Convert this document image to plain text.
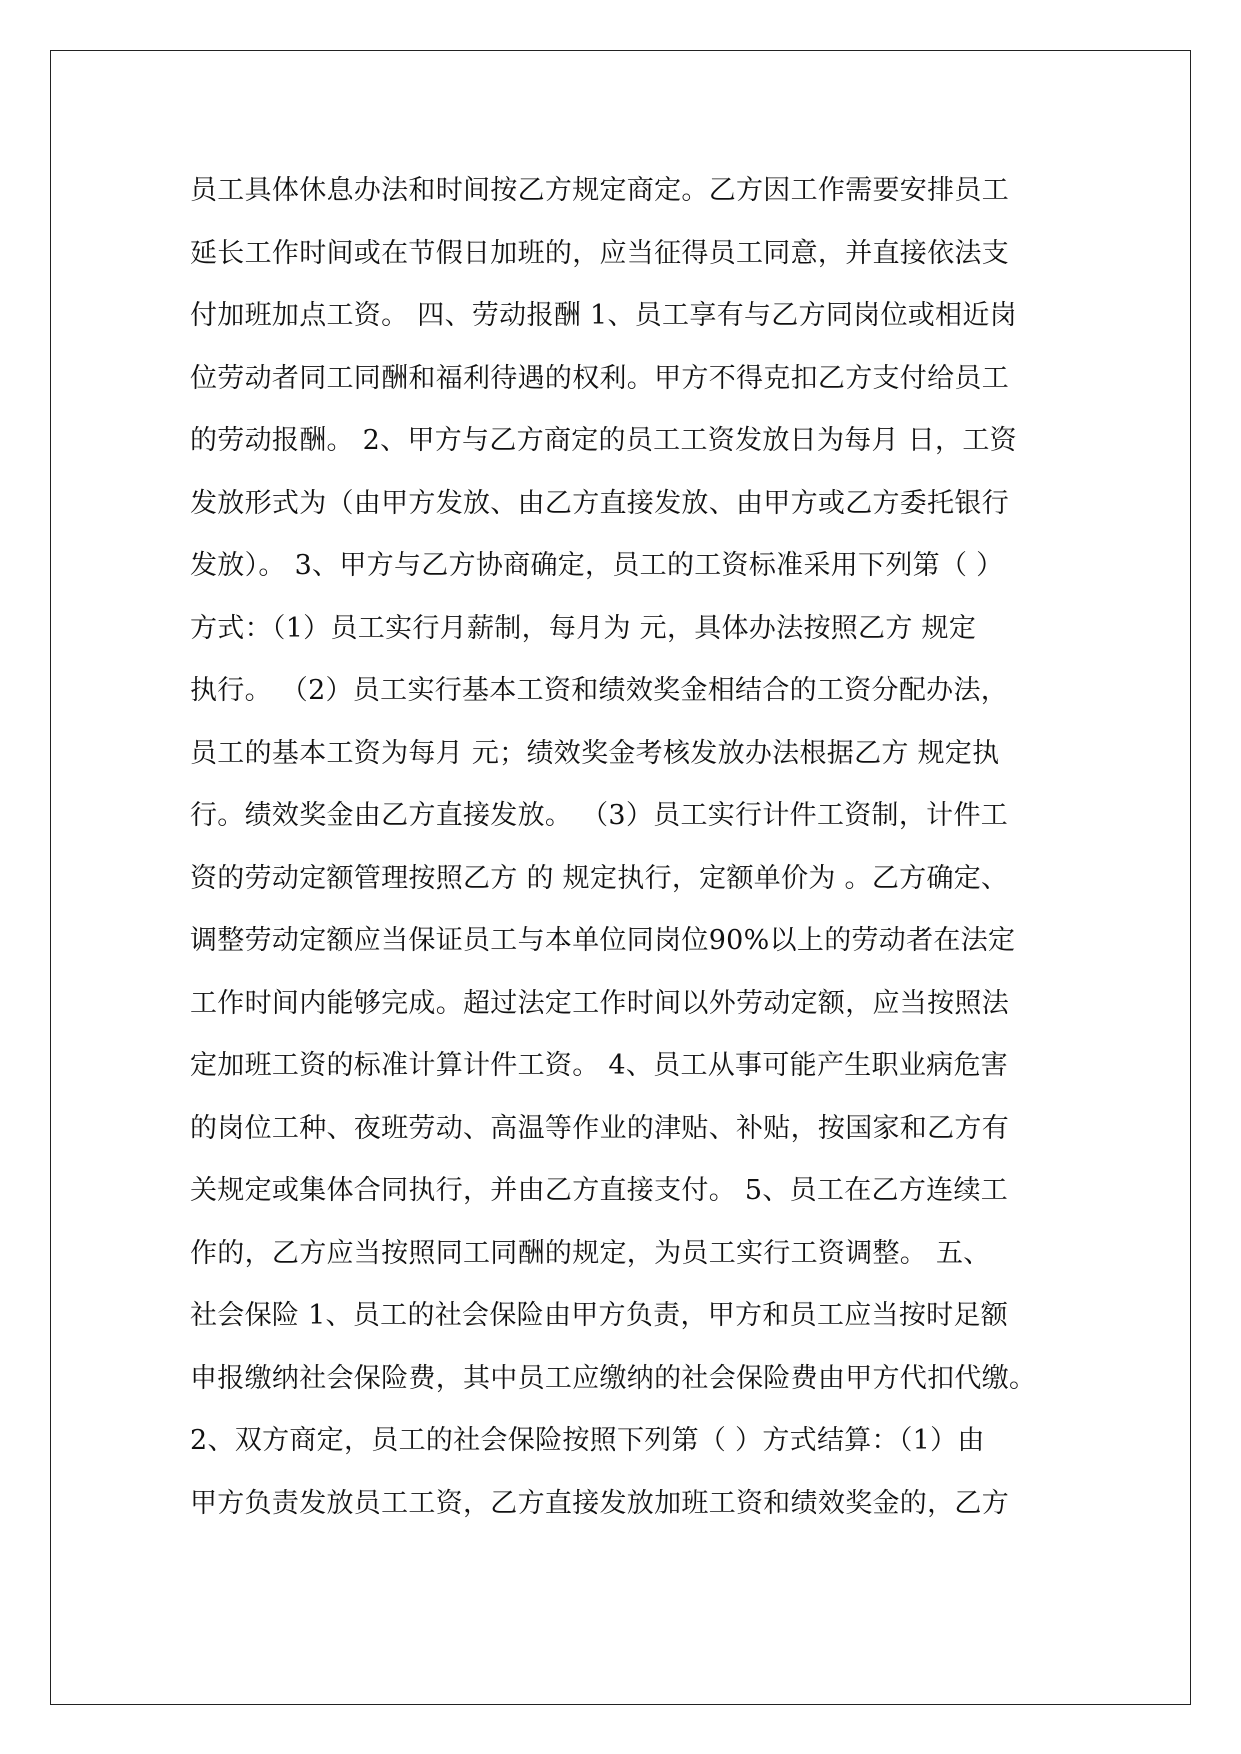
员工具体休息办法和时间按乙方规定商定。乙方因工作需要安排员工
延长工作时间或在节假日加班的，应当征得员工同意，并直接依法支
付加班加点工资。 四、劳动报酬 1、员工享有与乙方同岗位或相近岗
位劳动者同工同酬和福利待遇的权利。甲方不得克扣乙方支付给员工
的劳动报酬。 2、甲方与乙方商定的员工工资发放日为每月 日，工资
发放形式为（由甲方发放、由乙方直接发放、由甲方或乙方委托银行
发放）。 3、甲方与乙方协商确定，员工的工资标准采用下列第（ ）
方式：（1）员工实行月薪制，每月为 元，具体办法按照乙方 规定
执行。 （2）员工实行基本工资和绩效奖金相结合的工资分配办法，
员工的基本工资为每月 元；绩效奖金考核发放办法根据乙方 规定执
行。绩效奖金由乙方直接发放。 （3）员工实行计件工资制，计件工
资的劳动定额管理按照乙方 的 规定执行，定额单价为 。乙方确定、
调整劳动定额应当保证员工与本单位同岗位90%以上的劳动者在法定
工作时间内能够完成。超过法定工作时间以外劳动定额，应当按照法
定加班工资的标准计算计件工资。 4、员工从事可能产生职业病危害
的岗位工种、夜班劳动、高温等作业的津贴、补贴，按国家和乙方有
关规定或集体合同执行，并由乙方直接支付。 5、员工在乙方连续工
作的，乙方应当按照同工同酬的规定，为员工实行工资调整。 五、
社会保险 1、员工的社会保险由甲方负责，甲方和员工应当按时足额
申报缴纳社会保险费，其中员工应缴纳的社会保险费由甲方代扣代缴。
2、双方商定，员工的社会保险按照下列第（ ）方式结算：（1）由
甲方负责发放员工工资，乙方直接发放加班工资和绩效奖金的，乙方
